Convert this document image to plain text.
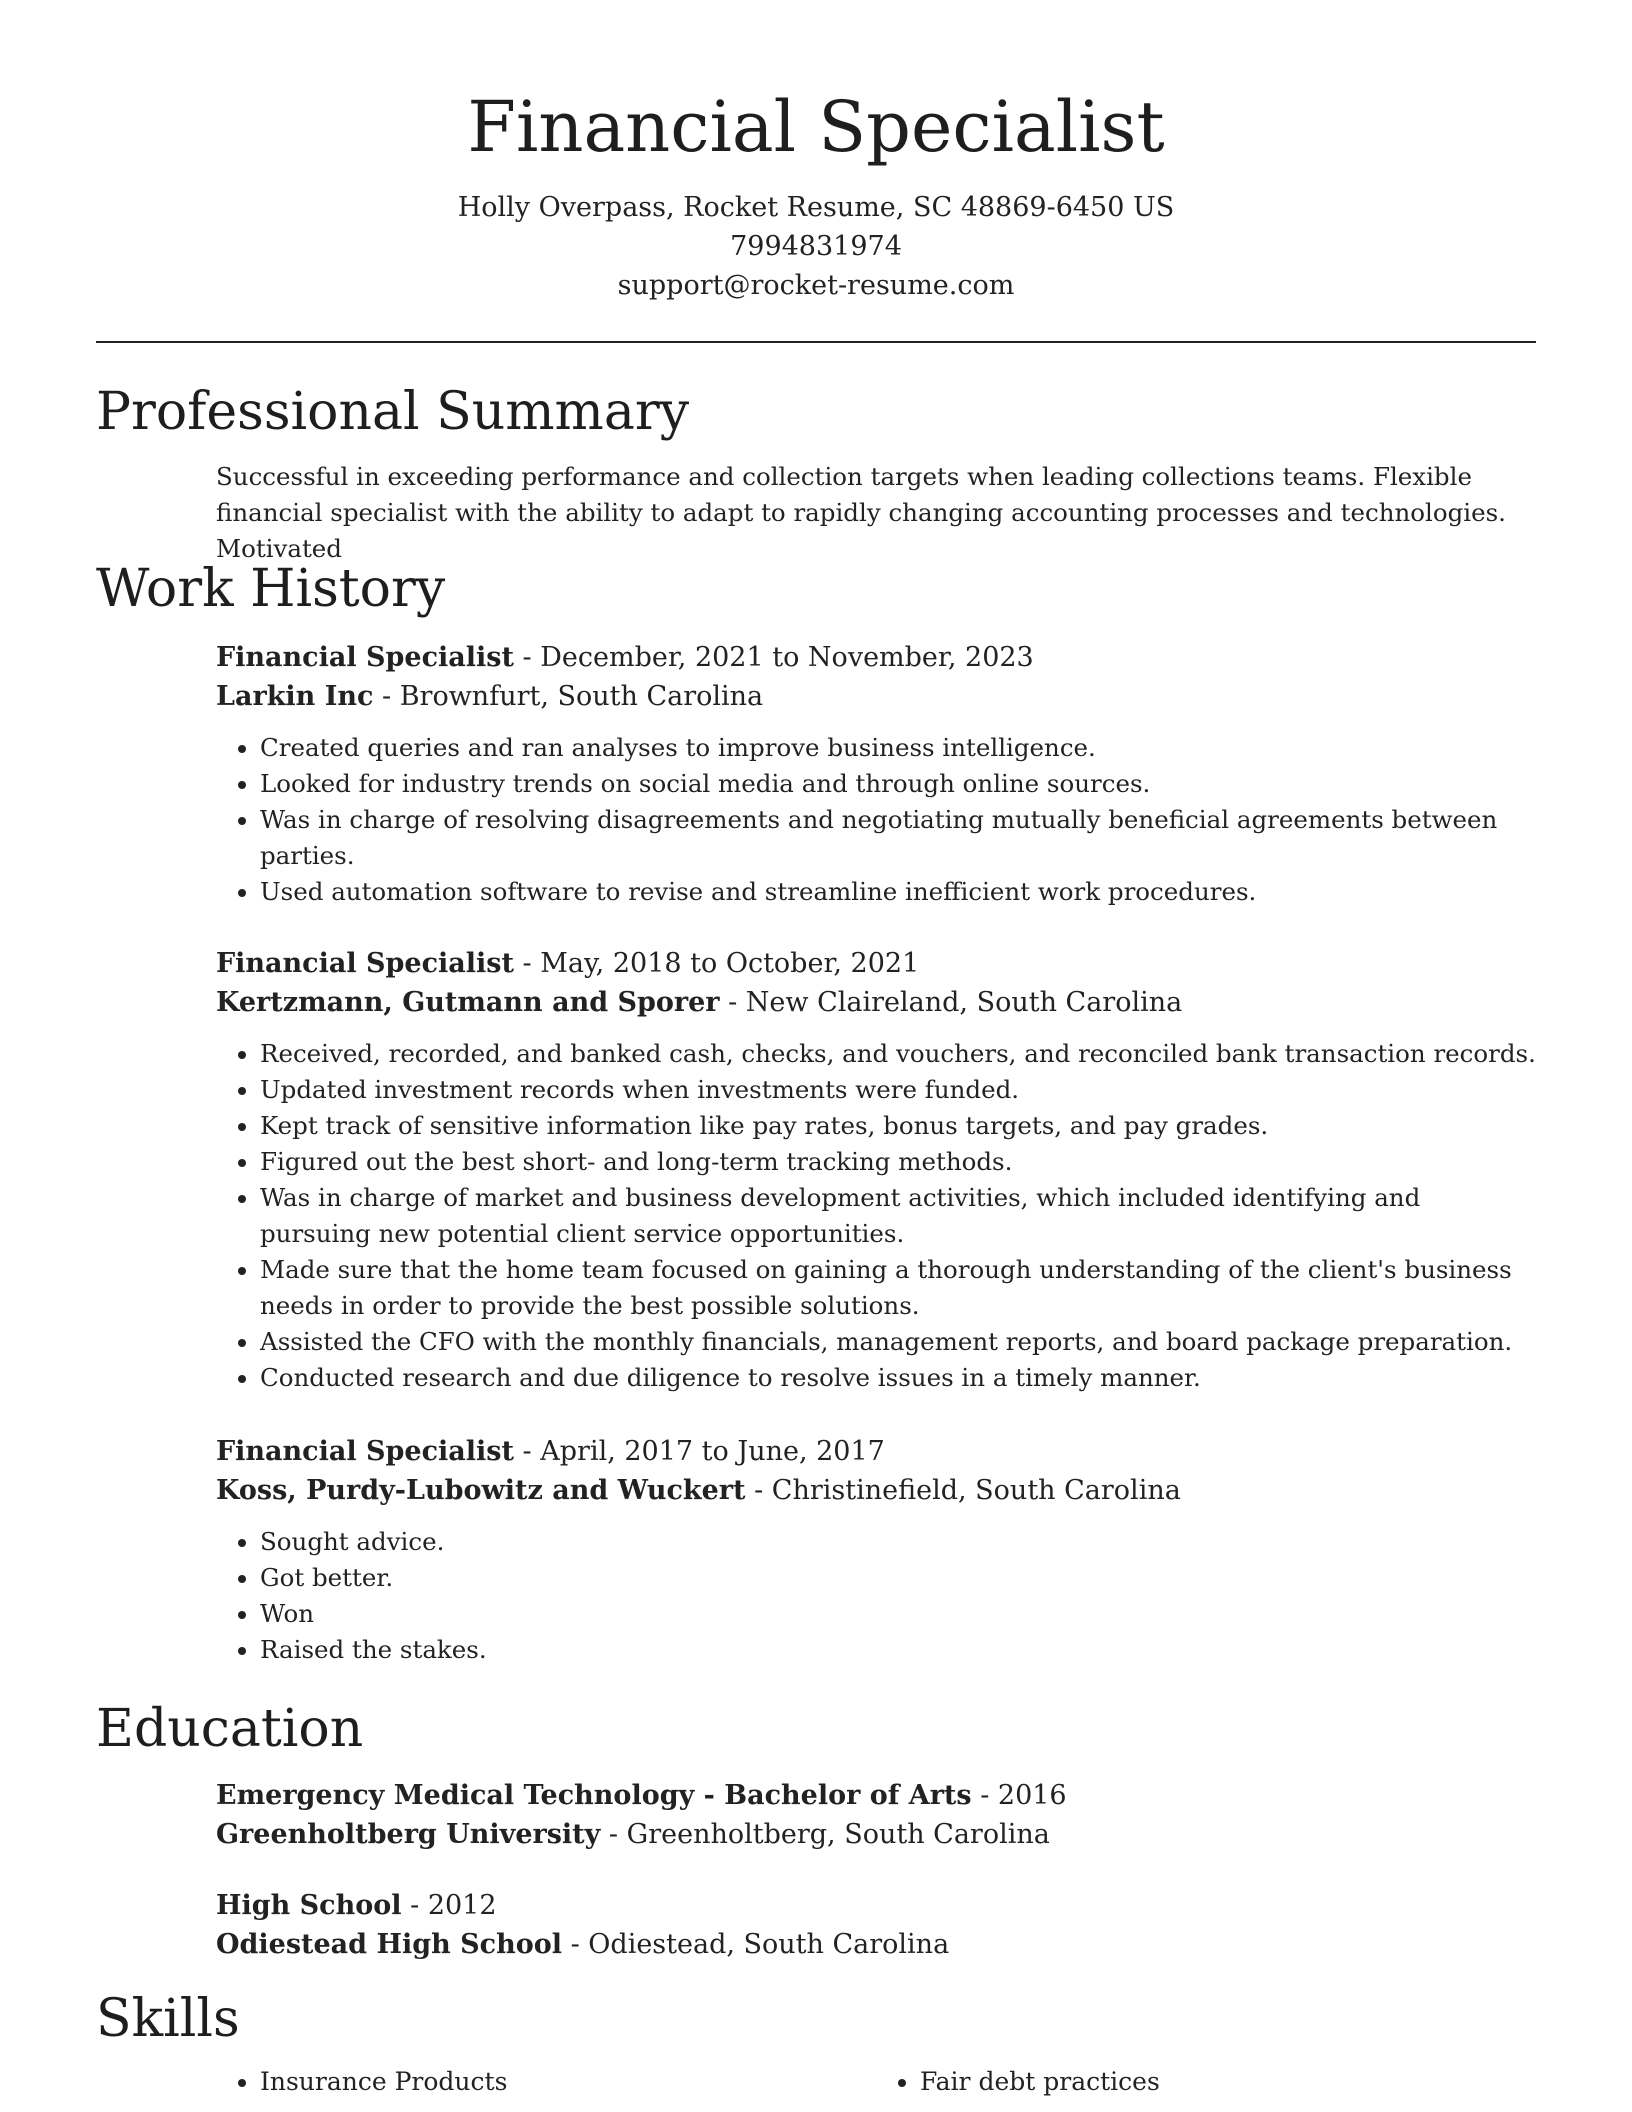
Financial Specialist
Holly Overpass, Rocket Resume, SC 48869-6450 US
7994831974
support@rocket-resume.com
Professional Summary
Successful in exceeding performance and collection targets when leading collections teams. Flexible financial specialist with the ability to adapt to rapidly changing accounting processes and technologies. Motivated
Work History
Financial Specialist - December, 2021 to November, 2023
Larkin Inc - Brownfurt, South Carolina
• Created queries and ran analyses to improve business intelligence.
• Looked for industry trends on social media and through online sources.
• Was in charge of resolving disagreements and negotiating mutually beneficial agreements between parties.
• Used automation software to revise and streamline inefficient work procedures.
Financial Specialist - May, 2018 to October, 2021
Kertzmann, Gutmann and Sporer - New Claireland, South Carolina
• Received, recorded, and banked cash, checks, and vouchers, and reconciled bank transaction records.
• Updated investment records when investments were funded.
• Kept track of sensitive information like pay rates, bonus targets, and pay grades.
• Figured out the best short- and long-term tracking methods.
• Was in charge of market and business development activities, which included identifying and pursuing new potential client service opportunities.
• Made sure that the home team focused on gaining a thorough understanding of the client's business needs in order to provide the best possible solutions.
• Assisted the CFO with the monthly financials, management reports, and board package preparation.
• Conducted research and due diligence to resolve issues in a timely manner.
Financial Specialist - April, 2017 to June, 2017
Koss, Purdy-Lubowitz and Wuckert - Christinefield, South Carolina
• Sought advice.
• Got better.
• Won
• Raised the stakes.
Education
Emergency Medical Technology - Bachelor of Arts - 2016
Greenholtberg University - Greenholtberg, South Carolina
High School - 2012
Odiestead High School - Odiestead, South Carolina
Skills
• Insurance Products
•	Fair debt practices
